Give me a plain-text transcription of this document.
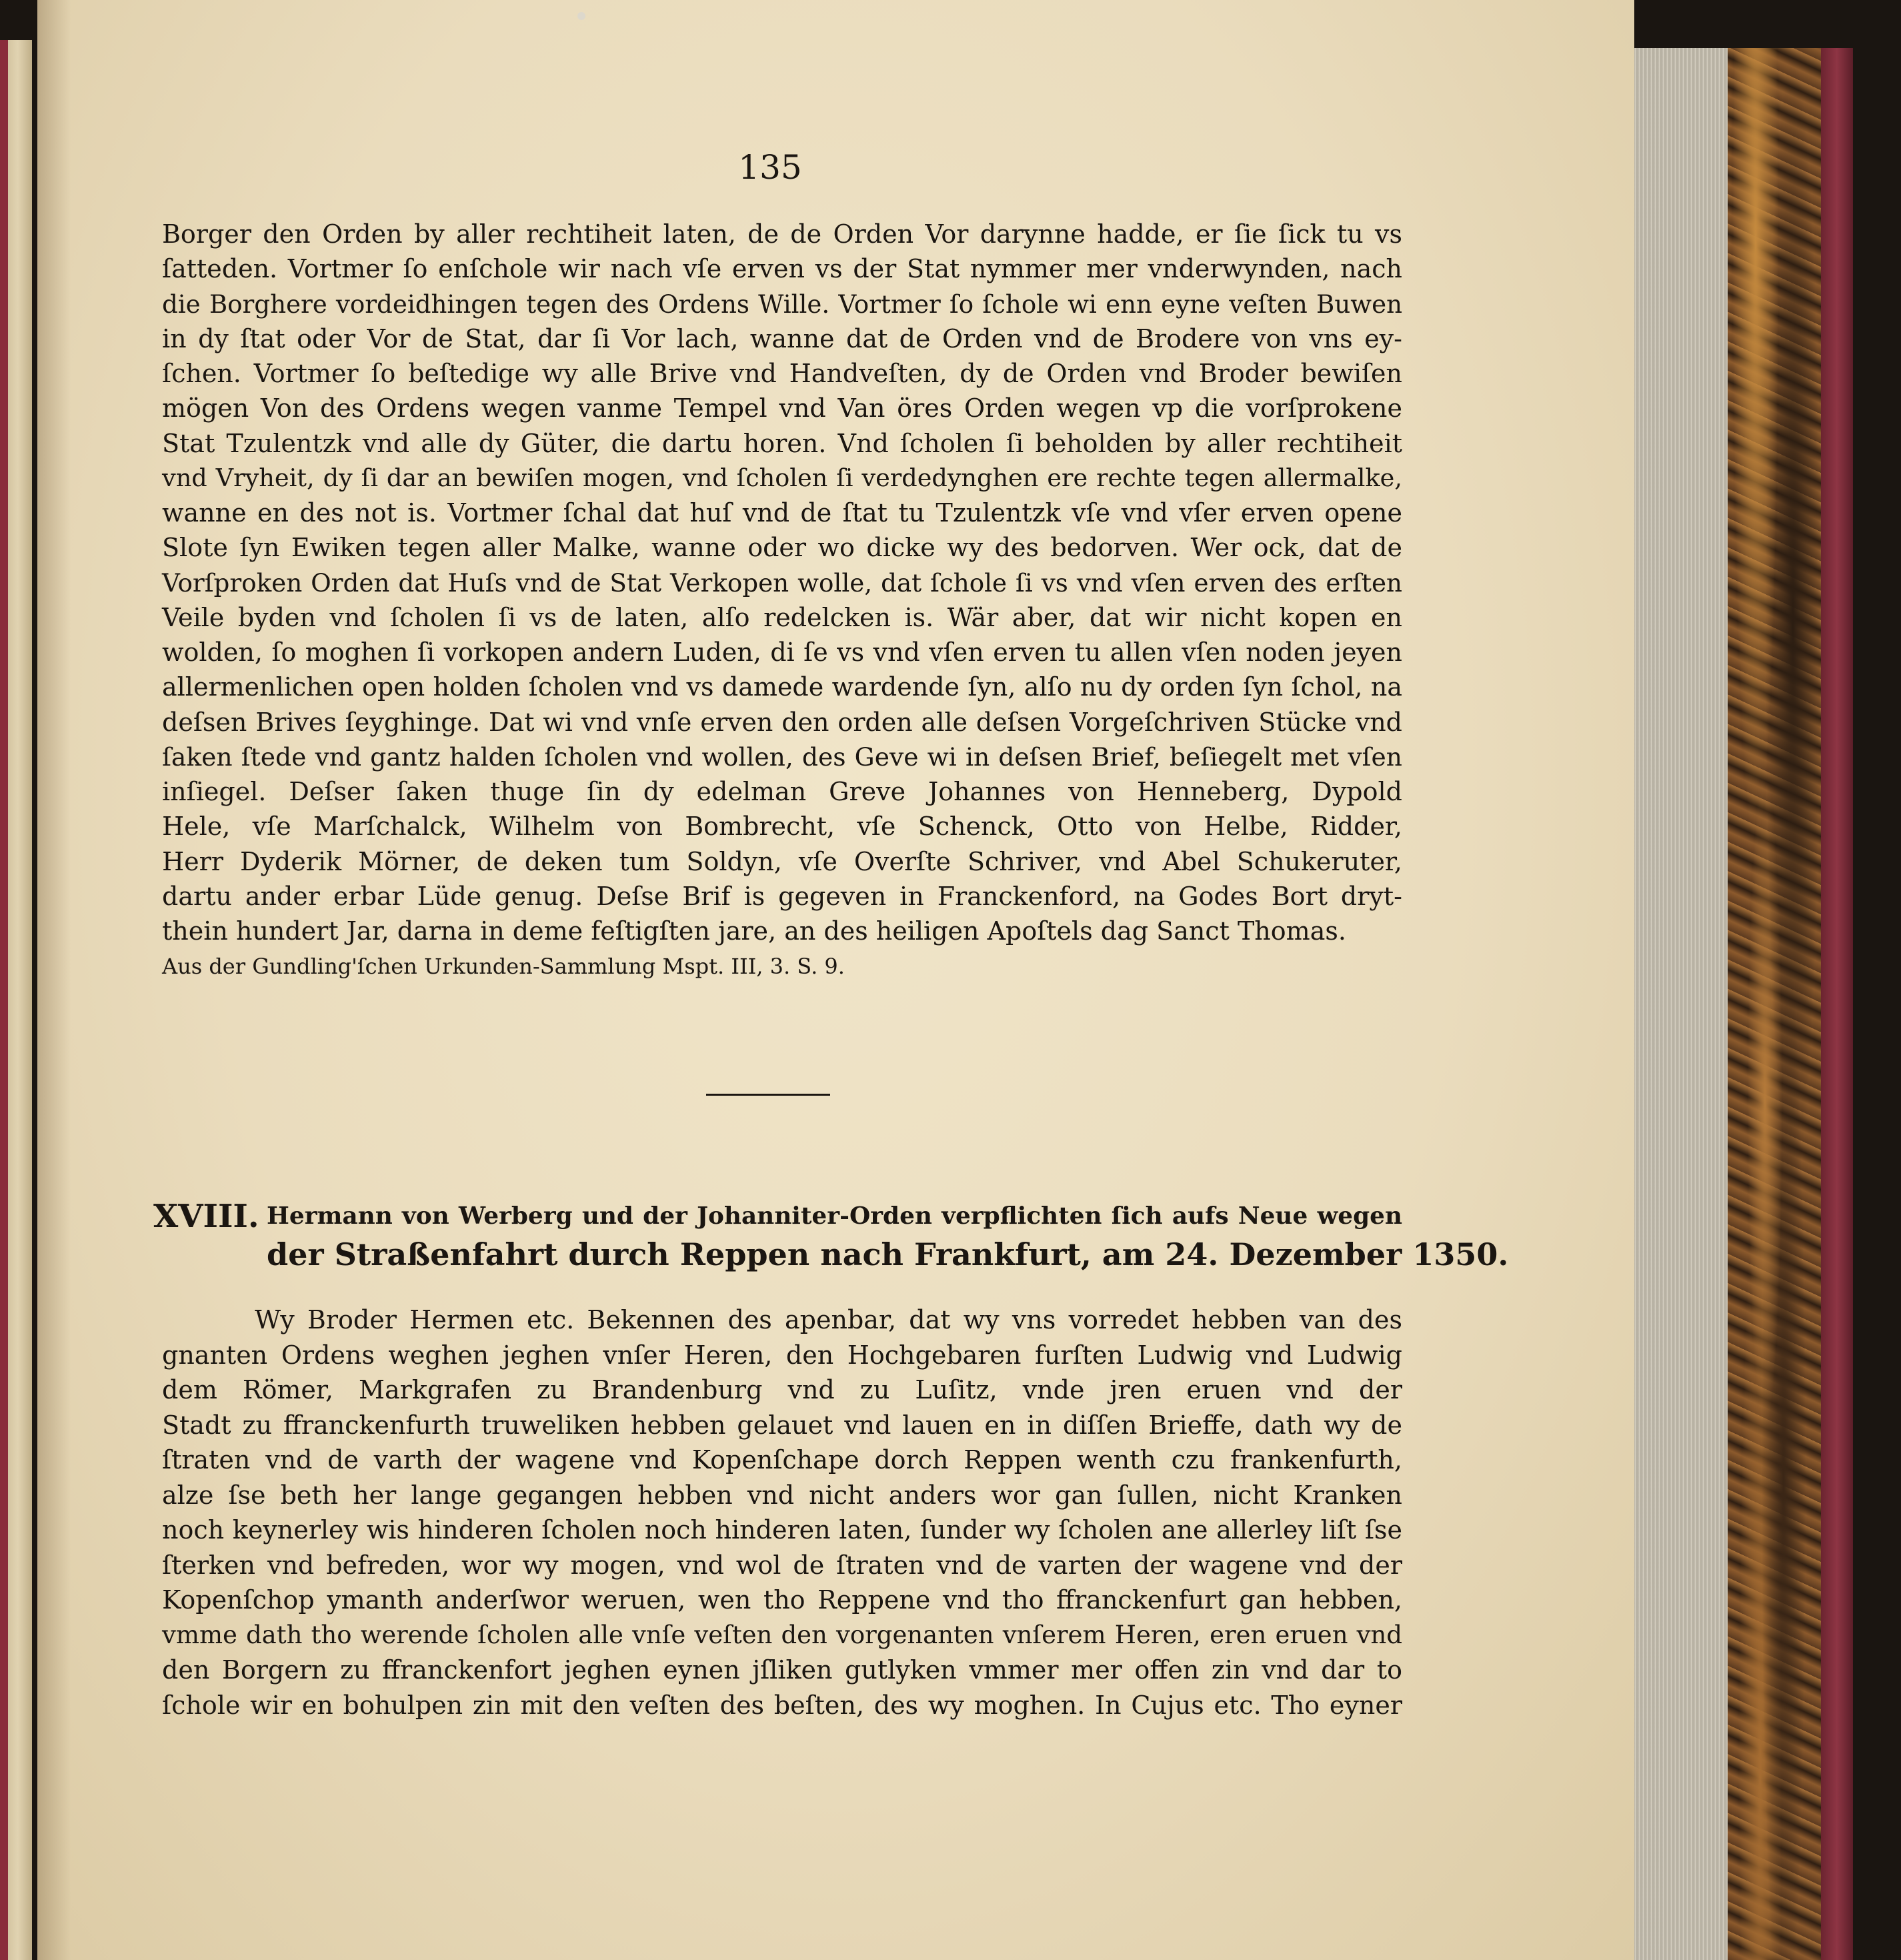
135
Borger den Orden by aller rechtiheit laten, de de Orden Vor darynne hadde, er ſie ſick tu vs
ſatteden. Vortmer ſo enſchole wir nach vſe erven vs der Stat nymmer mer vnderwynden, nach
die Borghere vordeidhingen tegen des Ordens Wille. Vortmer ſo ſchole wi enn eyne veſten Buwen
in dy ſtat oder Vor de Stat, dar ſi Vor lach, wanne dat de Orden vnd de Brodere von vns ey-
ſchen. Vortmer ſo beſtedige wy alle Brive vnd Handveſten, dy de Orden vnd Broder bewiſen
mögen Von des Ordens wegen vanme Tempel vnd Van öres Orden wegen vp die vorſprokene
Stat Tzulentzk vnd alle dy Güter, die dartu horen. Vnd ſcholen ſi beholden by aller rechtiheit
vnd Vryheit, dy ſi dar an bewiſen mogen, vnd ſcholen ſi verdedynghen ere rechte tegen allermalke,
wanne en des not is. Vortmer ſchal dat huſ vnd de ſtat tu Tzulentzk vſe vnd vſer erven opene
Slote ſyn Ewiken tegen aller Malke, wanne oder wo dicke wy des bedorven. Wer ock, dat de
Vorſproken Orden dat Huſs vnd de Stat Verkopen wolle, dat ſchole ſi vs vnd vſen erven des erſten
Veile byden vnd ſcholen ſi vs de laten, alſo redelcken is. Wär aber, dat wir nicht kopen en
wolden, ſo moghen ſi vorkopen andern Luden, di ſe vs vnd vſen erven tu allen vſen noden jeyen
allermenlichen open holden ſcholen vnd vs damede wardende ſyn, alſo nu dy orden ſyn ſchol, na
deſsen Brives ſeyghinge. Dat wi vnd vnſe erven den orden alle deſsen Vorgeſchriven Stücke vnd
ſaken ſtede vnd gantz halden ſcholen vnd wollen, des Geve wi in deſsen Brief, beſiegelt met vſen
inſiegel. Deſser ſaken thuge ſin dy edelman Greve Johannes von Henneberg, Dypold
Hele, vſe Marſchalck, Wilhelm von Bombrecht, vſe Schenck, Otto von Helbe, Ridder,
Herr Dyderik Mörner, de deken tum Soldyn, vſe Overſte Schriver, vnd Abel Schukeruter,
dartu ander erbar Lüde genug. Deſse Brif is gegeven in Franckenford, na Godes Bort dryt-
thein hundert Jar, darna in deme feſtigſten jare, an des heiligen Apoſtels dag Sanct Thomas.
Aus der Gundling'ſchen Urkunden-Sammlung Mspt. III, 3. S. 9.
XVIII. Hermann von Werberg und der Johanniter-Orden verpflichten ſich aufs Neue wegen
der Straßenfahrt durch Reppen nach Frankfurt, am 24. Dezember 1350.
Wy Broder Hermen etc. Bekennen des apenbar, dat wy vns vorredet hebben van des
gnanten Ordens weghen jeghen vnſer Heren, den Hochgebaren furſten Ludwig vnd Ludwig
dem Römer, Markgrafen zu Brandenburg vnd zu Luſitz, vnde jren eruen vnd der
Stadt zu ffranckenfurth truweliken hebben gelauet vnd lauen en in diſſen Brieffe, dath wy de
ſtraten vnd de varth der wagene vnd Kopenſchape dorch Reppen wenth czu frankenfurth,
alze ſse beth her lange gegangen hebben vnd nicht anders wor gan ſullen, nicht Kranken
noch keynerley wis hinderen ſcholen noch hinderen laten, ſunder wy ſcholen ane allerley liſt ſse
ſterken vnd befreden, wor wy mogen, vnd wol de ſtraten vnd de varten der wagene vnd der
Kopenſchop ymanth anderſwor weruen, wen tho Reppene vnd tho ffranckenfurt gan hebben,
vmme dath tho werende ſcholen alle vnſe veſten den vorgenanten vnſerem Heren, eren eruen vnd
den Borgern zu ffranckenfort jeghen eynen jſliken gutlyken vmmer mer offen zin vnd dar to
ſchole wir en bohulpen zin mit den veſten des beſten, des wy moghen. In Cujus etc. Tho eyner
